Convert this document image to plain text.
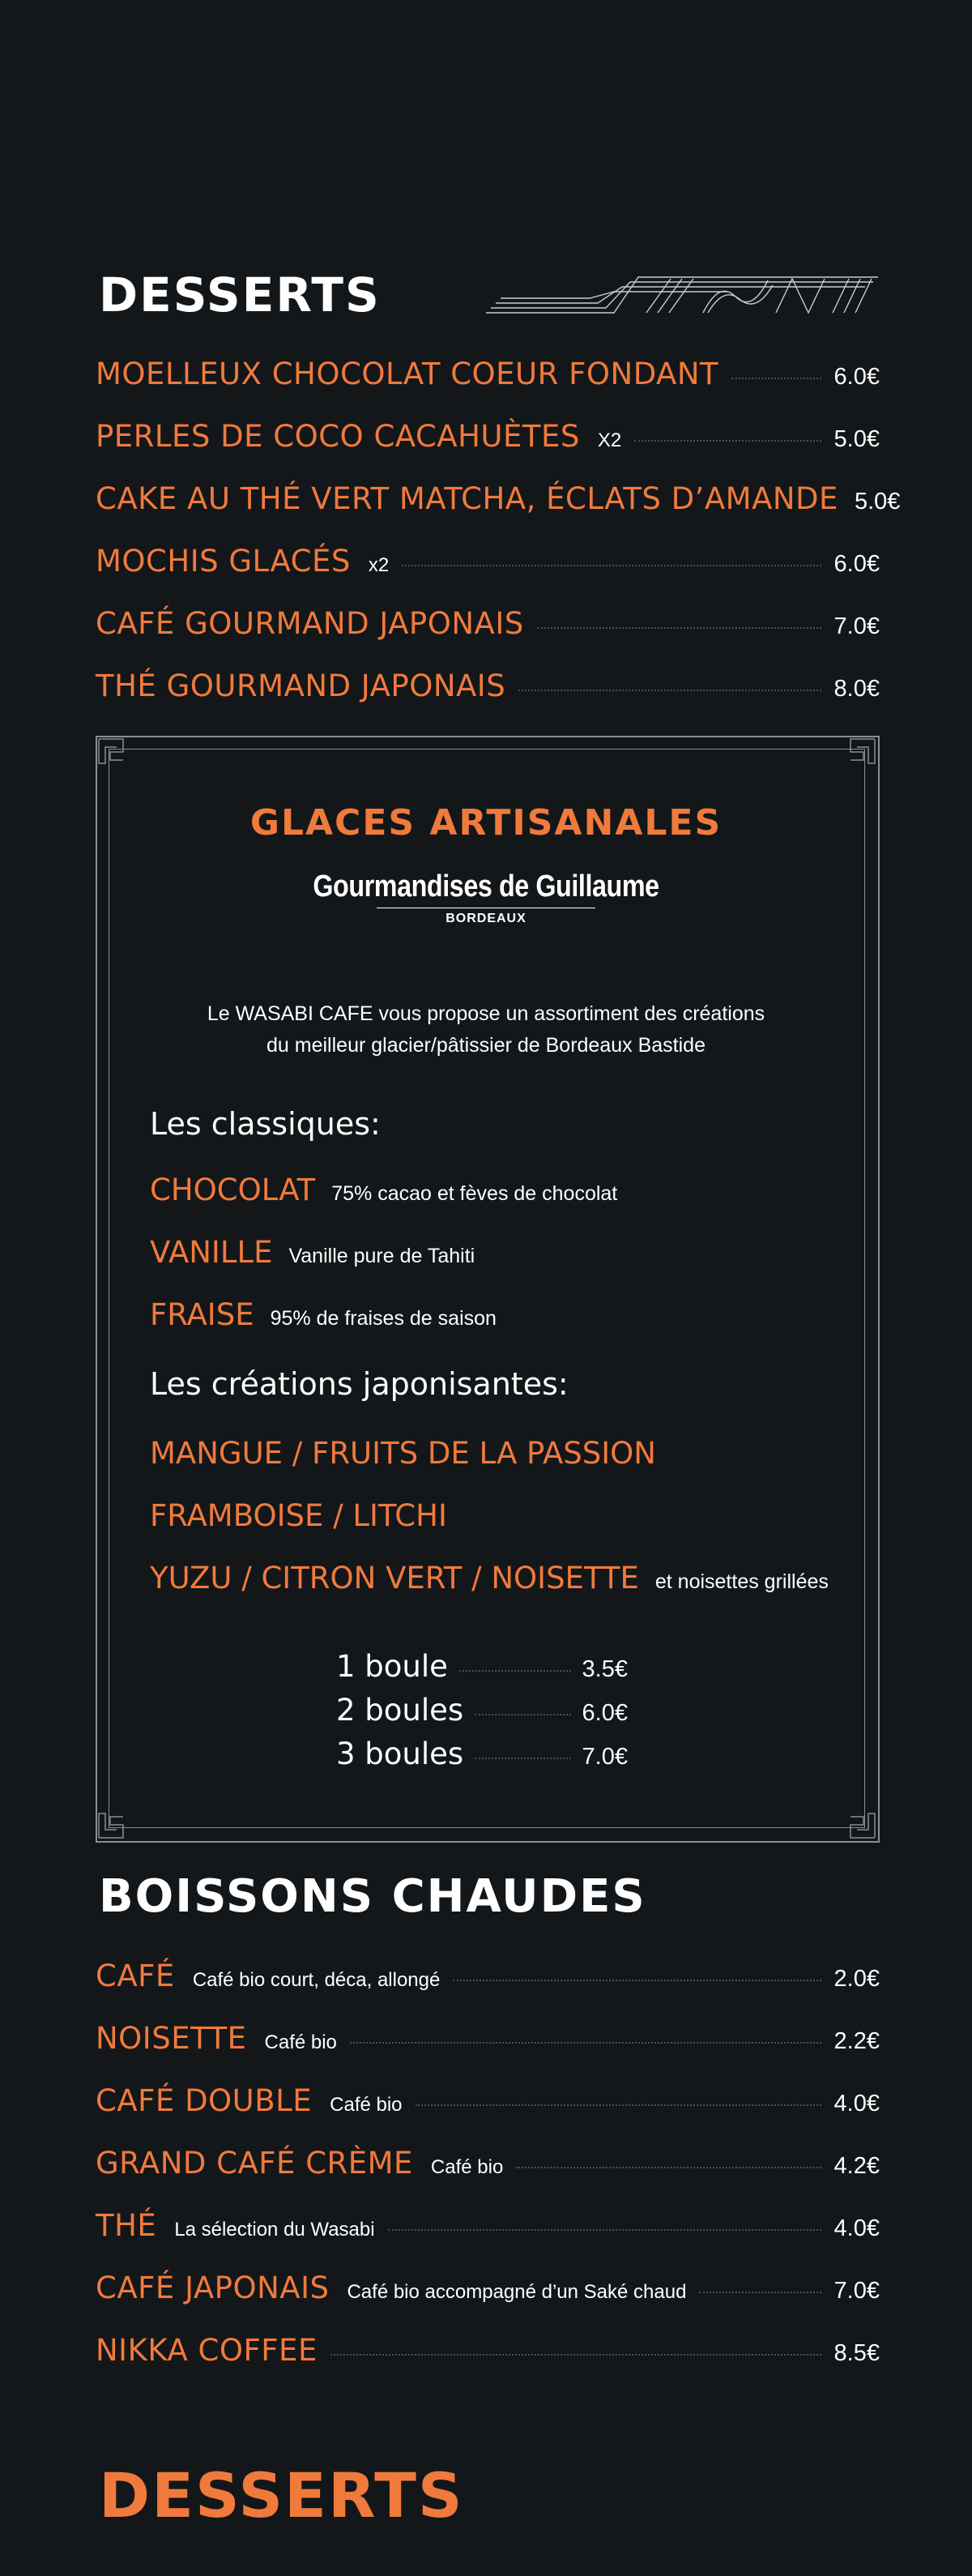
DESSERTS
MOELLEUX CHOCOLAT COEUR FONDANT	6.0€
PERLES DE COCO CACAHUÈTES X2	5.0€
CAKE AU THÉ VERT MATCHA, ÉCLATS D’AMANDE 5.0€
MOCHIS GLACÉS x2	6.0€
CAFÉ GOURMAND JAPONAIS	7.0€
THÉ GOURMAND JAPONAIS	8.0€
GLACES ARTISANALES
Gourmandises de Guillaume
BORDEAUX
Le WASABI CAFE vous propose un assortiment des créations
du meilleur glacier/pâtissier de Bordeaux Bastide
Les classiques:
CHOCOLAT 75% cacao et fèves de chocolat
VANILLE Vanille pure de Tahiti
FRAISE 95% de fraises de saison
Les créations japonisantes:
MANGUE / FRUITS DE LA PASSION
FRAMBOISE / LITCHI
YUZU / CITRON VERT / NOISETTE et noisettes grillées
1 boule	3.5€
2 boules	6.0€
3 boules	7.0€
BOISSONS CHAUDES
CAFÉ Café bio court, déca, allongé	2.0€
NOISETTE Café bio	2.2€
CAFÉ DOUBLE Café bio	4.0€
GRAND CAFÉ CRÈME Café bio	4.2€
THÉ La sélection du Wasabi	4.0€
CAFÉ JAPONAIS Café bio accompagné d’un Saké chaud	7.0€
NIKKA COFFEE	8.5€
DESSERTS
